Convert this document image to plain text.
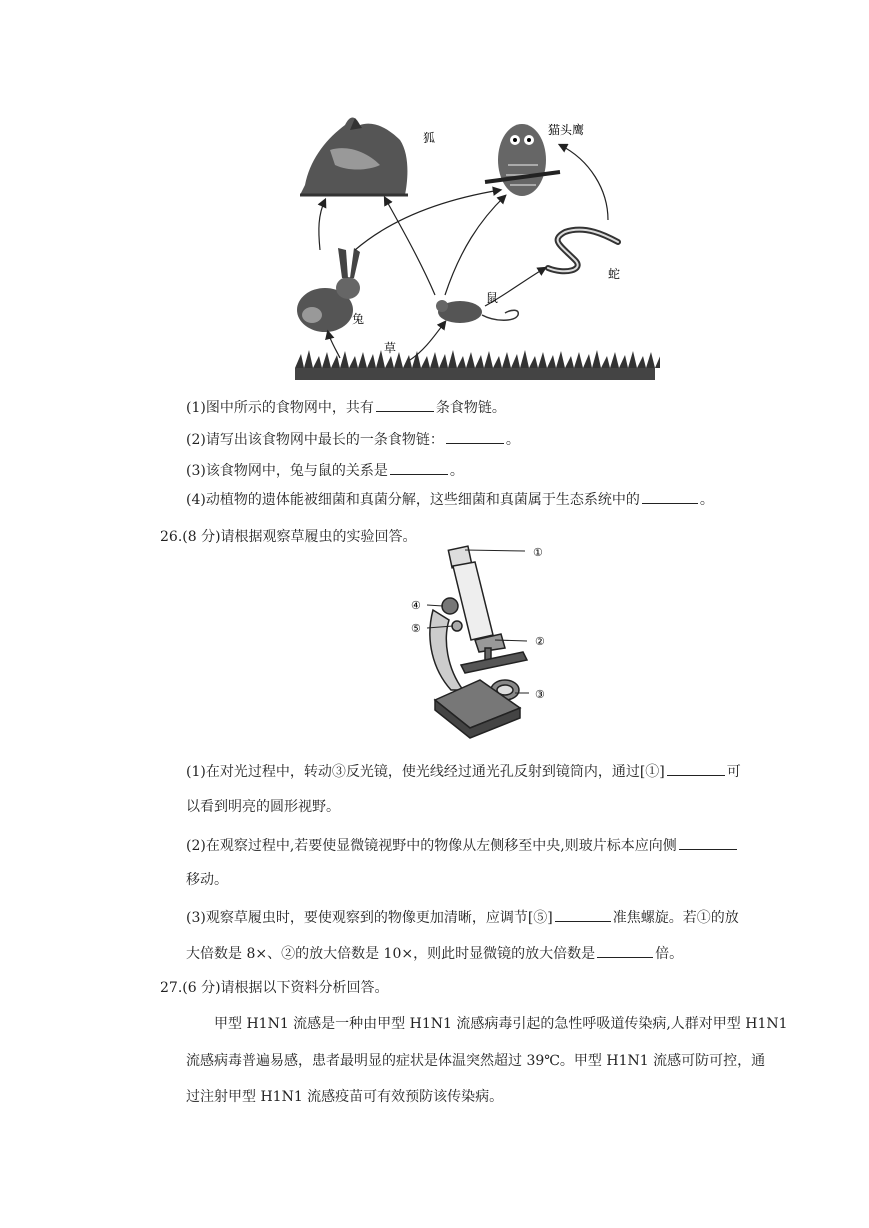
狐
猫头鹰
蛇
兔
鼠
草
(1)图中所示的食物网中，共有	条食物链。
(2)请写出该食物网中最长的一条食物链：	。
(3)该食物网中，兔与鼠的关系是	。
(4)动植物的遗体能被细菌和真菌分解，这些细菌和真菌属于生态系统中的	。
26.(8 分)请根据观察草履虫的实验回答。
①
②
③
④
⑤
(1)在对光过程中，转动③反光镜，使光线经过通光孔反射到镜筒内，通过[①]	可
以看到明亮的圆形视野。
(2)在观察过程中,若要使显微镜视野中的物像从左侧移至中央,则玻片标本应向侧
移动。
(3)观察草履虫时，要使观察到的物像更加清晰，应调节[⑤]	准焦螺旋。若①的放
大倍数是 8×、②的放大倍数是 10×，则此时显微镜的放大倍数是	倍。
27.(6 分)请根据以下资料分析回答。
甲型 H1N1 流感是一种由甲型 H1N1 流感病毒引起的急性呼吸道传染病,人群对甲型 H1N1
流感病毒普遍易感，患者最明显的症状是体温突然超过 39℃。甲型 H1N1 流感可防可控，通
过注射甲型 H1N1 流感疫苗可有效预防该传染病。
